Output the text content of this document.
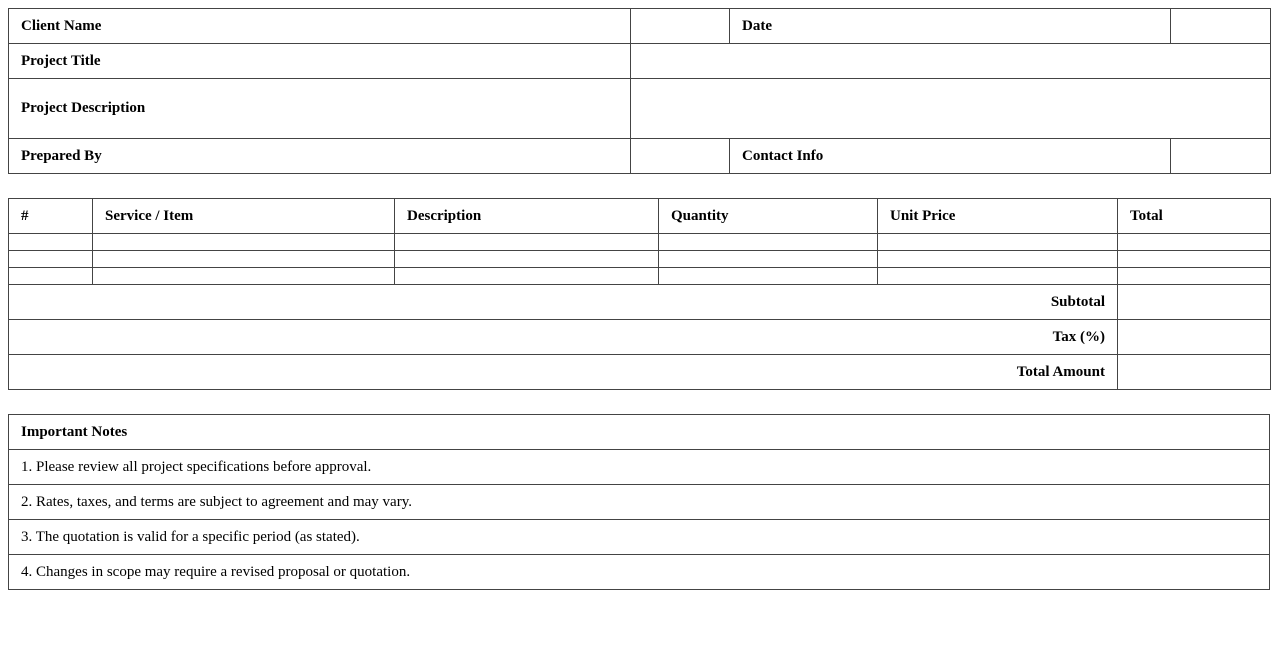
Client Name		Date	
Project Title			
Project Description			
Prepared By		Contact Info	
#	Service / Item	Description	Quantity	Unit Price	Total

Subtotal					
Tax (%)					
Total Amount					
Important Notes
1. Please review all project specifications before approval.
2. Rates, taxes, and terms are subject to agreement and may vary.
3. The quotation is valid for a specific period (as stated).
4. Changes in scope may require a revised proposal or quotation.
